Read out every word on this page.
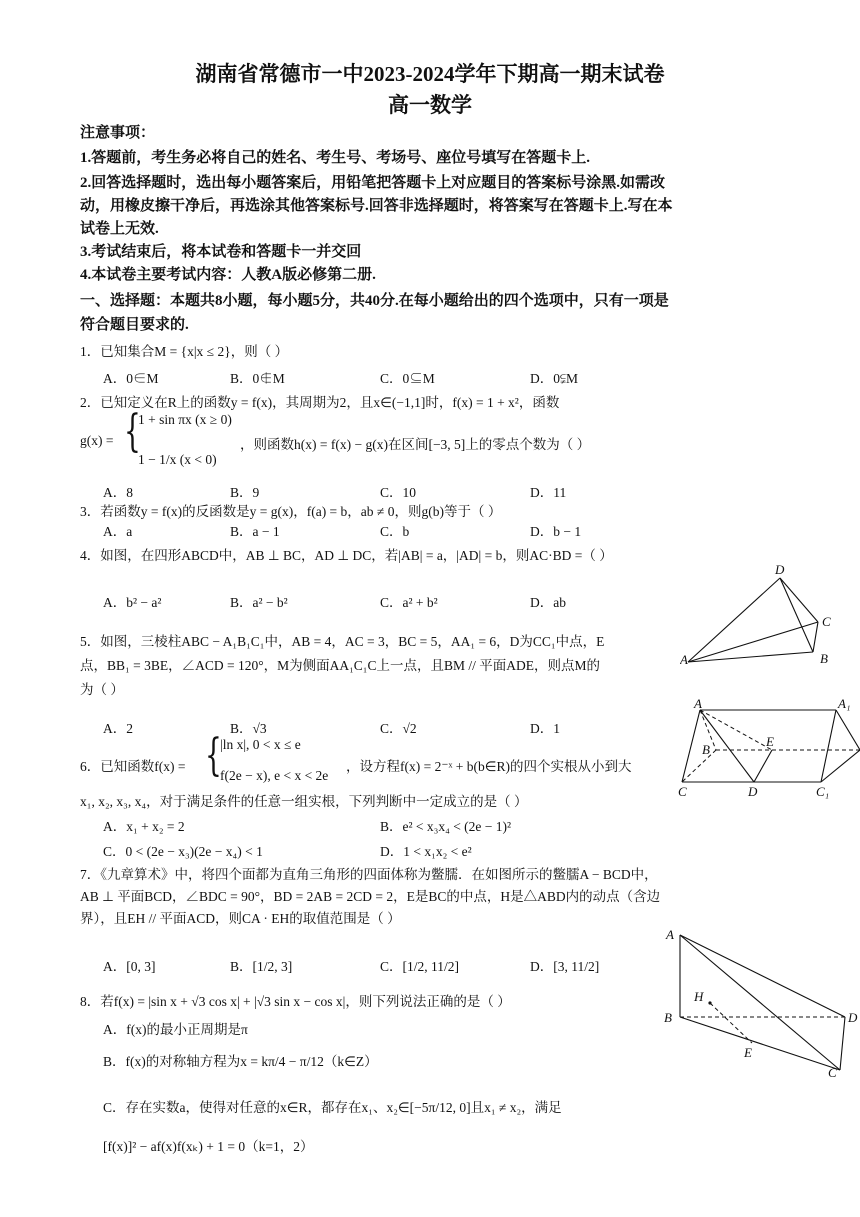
湖南省常德市一中2023-2024学年下期高一期末试卷
高一数学
注意事项：
1.答题前，考生务必将自己的姓名、考生号、考场号、座位号填写在答题卡上.
2.回答选择题时，选出每小题答案后，用铅笔把答题卡上对应题目的答案标号涂黑.如需改
动，用橡皮擦干净后，再选涂其他答案标号.回答非选择题时，将答案写在答题卡上.写在本
试卷上无效.
3.考试结束后，将本试卷和答题卡一并交回
4.本试卷主要考试内容：人教A版必修第二册.
一、选择题：本题共8小题，每小题5分，共40分.在每小题给出的四个选项中，只有一项是
符合题目要求的.
1．已知集合M = {x|x ≤ 2}，则（ ）
A．0∈M	B．0∉M	C．0⊆M	D．0⫋M
2．已知定义在R上的函数y = f(x)，其周期为2，且x∈(−1,1]时，f(x) = 1 + x²，函数
g(x) = {
1 + sin πx (x ≥ 0)
1 − 1/x (x < 0)
，则函数h(x) = f(x) − g(x)在区间[−3, 5]上的零点个数为（ ）
A．8	B．9	C．10	D．11
3．若函数y = f(x)的反函数是y = g(x)，f(a) = b，ab ≠ 0，则g(b)等于（ ）
A．a	B．a − 1	C．b	D．b − 1
4．如图，在四形ABCD中，AB ⊥ BC，AD ⊥ DC，若|AB| = a，|AD| = b，则AC·BD =（ ）
A．b² − a²	B．a² − b²	C．a² + b²	D．ab
D
C
A	B
5．如图，三棱柱ABC − A₁B₁C₁中，AB = 4，AC = 3，BC = 5，AA₁ = 6，D为CC₁中点，E
点，BB₁ = 3BE，∠ACD = 120°，M为侧面AA₁C₁C上一点，且BM // 平面ADE，则点M的
为（ ）
A．2	B．√3	C．√2	D．1
A	A₁
B
E
C	D	C₁
6．已知函数f(x) = {
|ln x|, 0 < x ≤ e
f(2e − x), e < x < 2e
，设方程f(x) = 2⁻ˣ + b(b∈R)的四个实根从小到大
x₁, x₂, x₃, x₄，对于满足条件的任意一组实根，下列判断中一定成立的是（ ）
A．x₁ + x₂ = 2	B．e² < x₃x₄ < (2e − 1)²
C．0 < (2e − x₃)(2e − x₄) < 1	D．1 < x₁x₂ < e²
7．《九章算术》中，将四个面都为直角三角形的四面体称为鳖臑．在如图所示的鳖臑A − BCD中，
AB ⊥ 平面BCD，∠BDC = 90°，BD = 2AB = 2CD = 2，E是BC的中点，H是△ABD内的动点（含边
界），且EH // 平面ACD，则CA · EH的取值范围是（ ）
A．[0, 3]	B．[1/2, 3]	C．[1/2, 11/2]	D．[3, 11/2]
A
H
B	D
E
C
8．若f(x) = |sin x + √3 cos x| + |√3 sin x − cos x|，则下列说法正确的是（ ）
A．f(x)的最小正周期是π
B．f(x)的对称轴方程为x = kπ/4 − π/12（k∈Z）
C．存在实数a，使得对任意的x∈R，都存在x₁、x₂∈[−5π/12, 0]且x₁ ≠ x₂，满足
[f(x)]² − af(x)f(xₖ) + 1 = 0（k=1，2）
